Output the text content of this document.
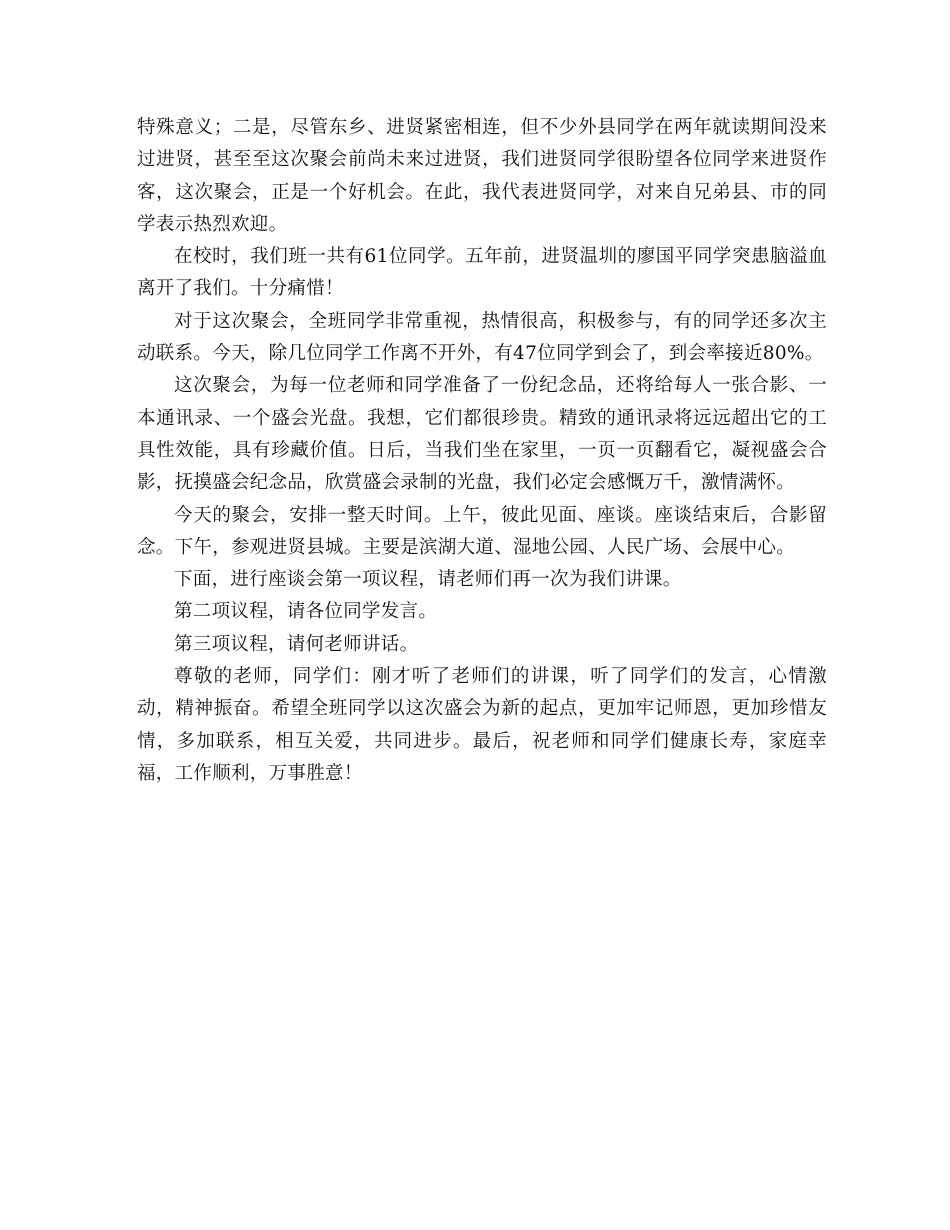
特殊意义；二是，尽管东乡、进贤紧密相连，但不少外县同学在两年就读期间没来过进贤，甚至至这次聚会前尚未来过进贤，我们进贤同学很盼望各位同学来进贤作客，这次聚会，正是一个好机会。在此，我代表进贤同学，对来自兄弟县、市的同学表示热烈欢迎。

在校时，我们班一共有61位同学。五年前，进贤温圳的廖国平同学突患脑溢血离开了我们。十分痛惜！

对于这次聚会，全班同学非常重视，热情很高，积极参与，有的同学还多次主动联系。今天，除几位同学工作离不开外，有47位同学到会了，到会率接近80%。

这次聚会，为每一位老师和同学准备了一份纪念品，还将给每人一张合影、一本通讯录、一个盛会光盘。我想，它们都很珍贵。精致的通讯录将远远超出它的工具性效能，具有珍藏价值。日后，当我们坐在家里，一页一页翻看它，凝视盛会合影，抚摸盛会纪念品，欣赏盛会录制的光盘，我们必定会感慨万千，激情满怀。

今天的聚会，安排一整天时间。上午，彼此见面、座谈。座谈结束后，合影留念。下午，参观进贤县城。主要是滨湖大道、湿地公园、人民广场、会展中心。

下面，进行座谈会第一项议程，请老师们再一次为我们讲课。

第二项议程，请各位同学发言。

第三项议程，请何老师讲话。

尊敬的老师，同学们：刚才听了老师们的讲课，听了同学们的发言，心情激动，精神振奋。希望全班同学以这次盛会为新的起点，更加牢记师恩，更加珍惜友情，多加联系，相互关爱，共同进步。最后，祝老师和同学们健康长寿，家庭幸福，工作顺利，万事胜意！
